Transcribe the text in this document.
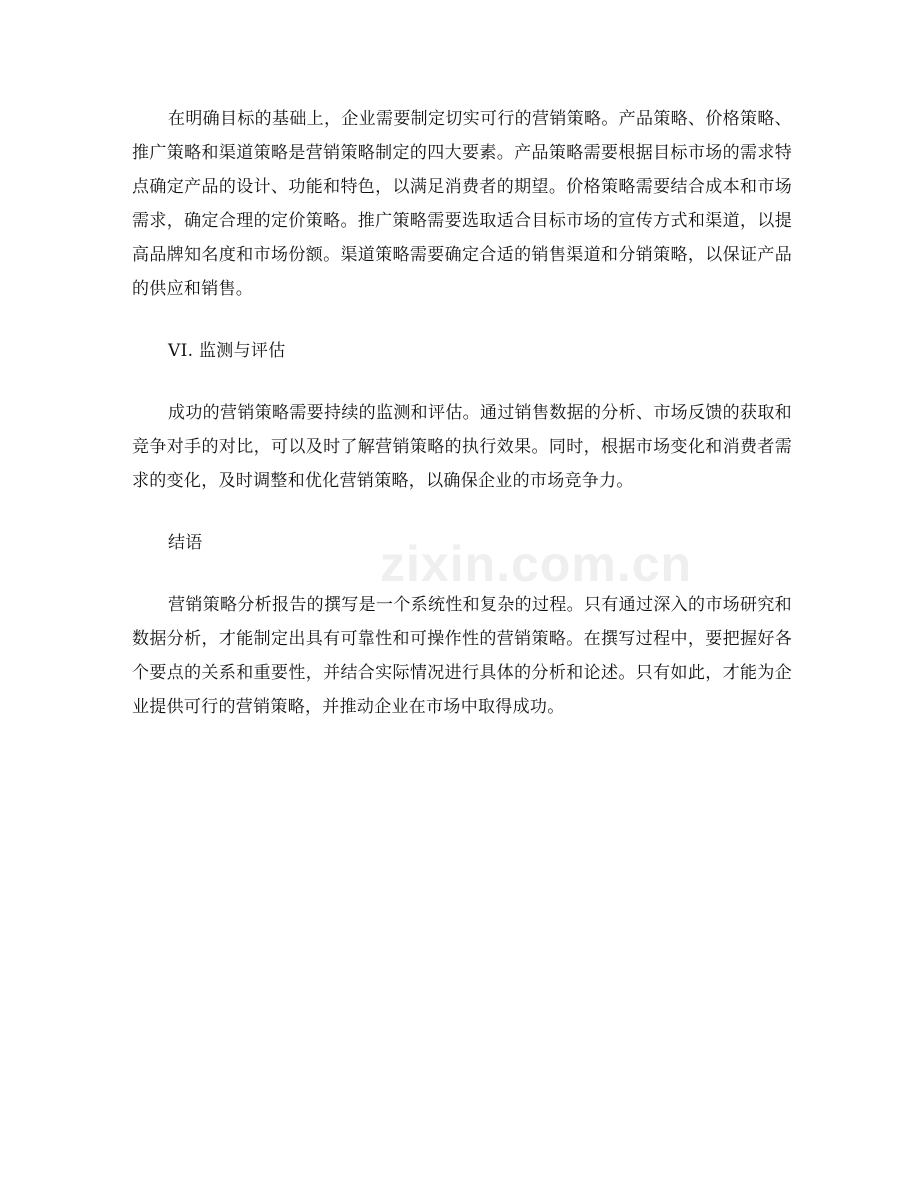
在明确目标的基础上，企业需要制定切实可行的营销策略。产品策略、价格策略、推广策略和渠道策略是营销策略制定的四大要素。产品策略需要根据目标市场的需求特点确定产品的设计、功能和特色，以满足消费者的期望。价格策略需要结合成本和市场需求，确定合理的定价策略。推广策略需要选取适合目标市场的宣传方式和渠道，以提高品牌知名度和市场份额。渠道策略需要确定合适的销售渠道和分销策略，以保证产品的供应和销售。

VI. 监测与评估

成功的营销策略需要持续的监测和评估。通过销售数据的分析、市场反馈的获取和竞争对手的对比，可以及时了解营销策略的执行效果。同时，根据市场变化和消费者需求的变化，及时调整和优化营销策略，以确保企业的市场竞争力。

结语

营销策略分析报告的撰写是一个系统性和复杂的过程。只有通过深入的市场研究和数据分析，才能制定出具有可靠性和可操作性的营销策略。在撰写过程中，要把握好各个要点的关系和重要性，并结合实际情况进行具体的分析和论述。只有如此，才能为企业提供可行的营销策略，并推动企业在市场中取得成功。

zixin.com.cn
